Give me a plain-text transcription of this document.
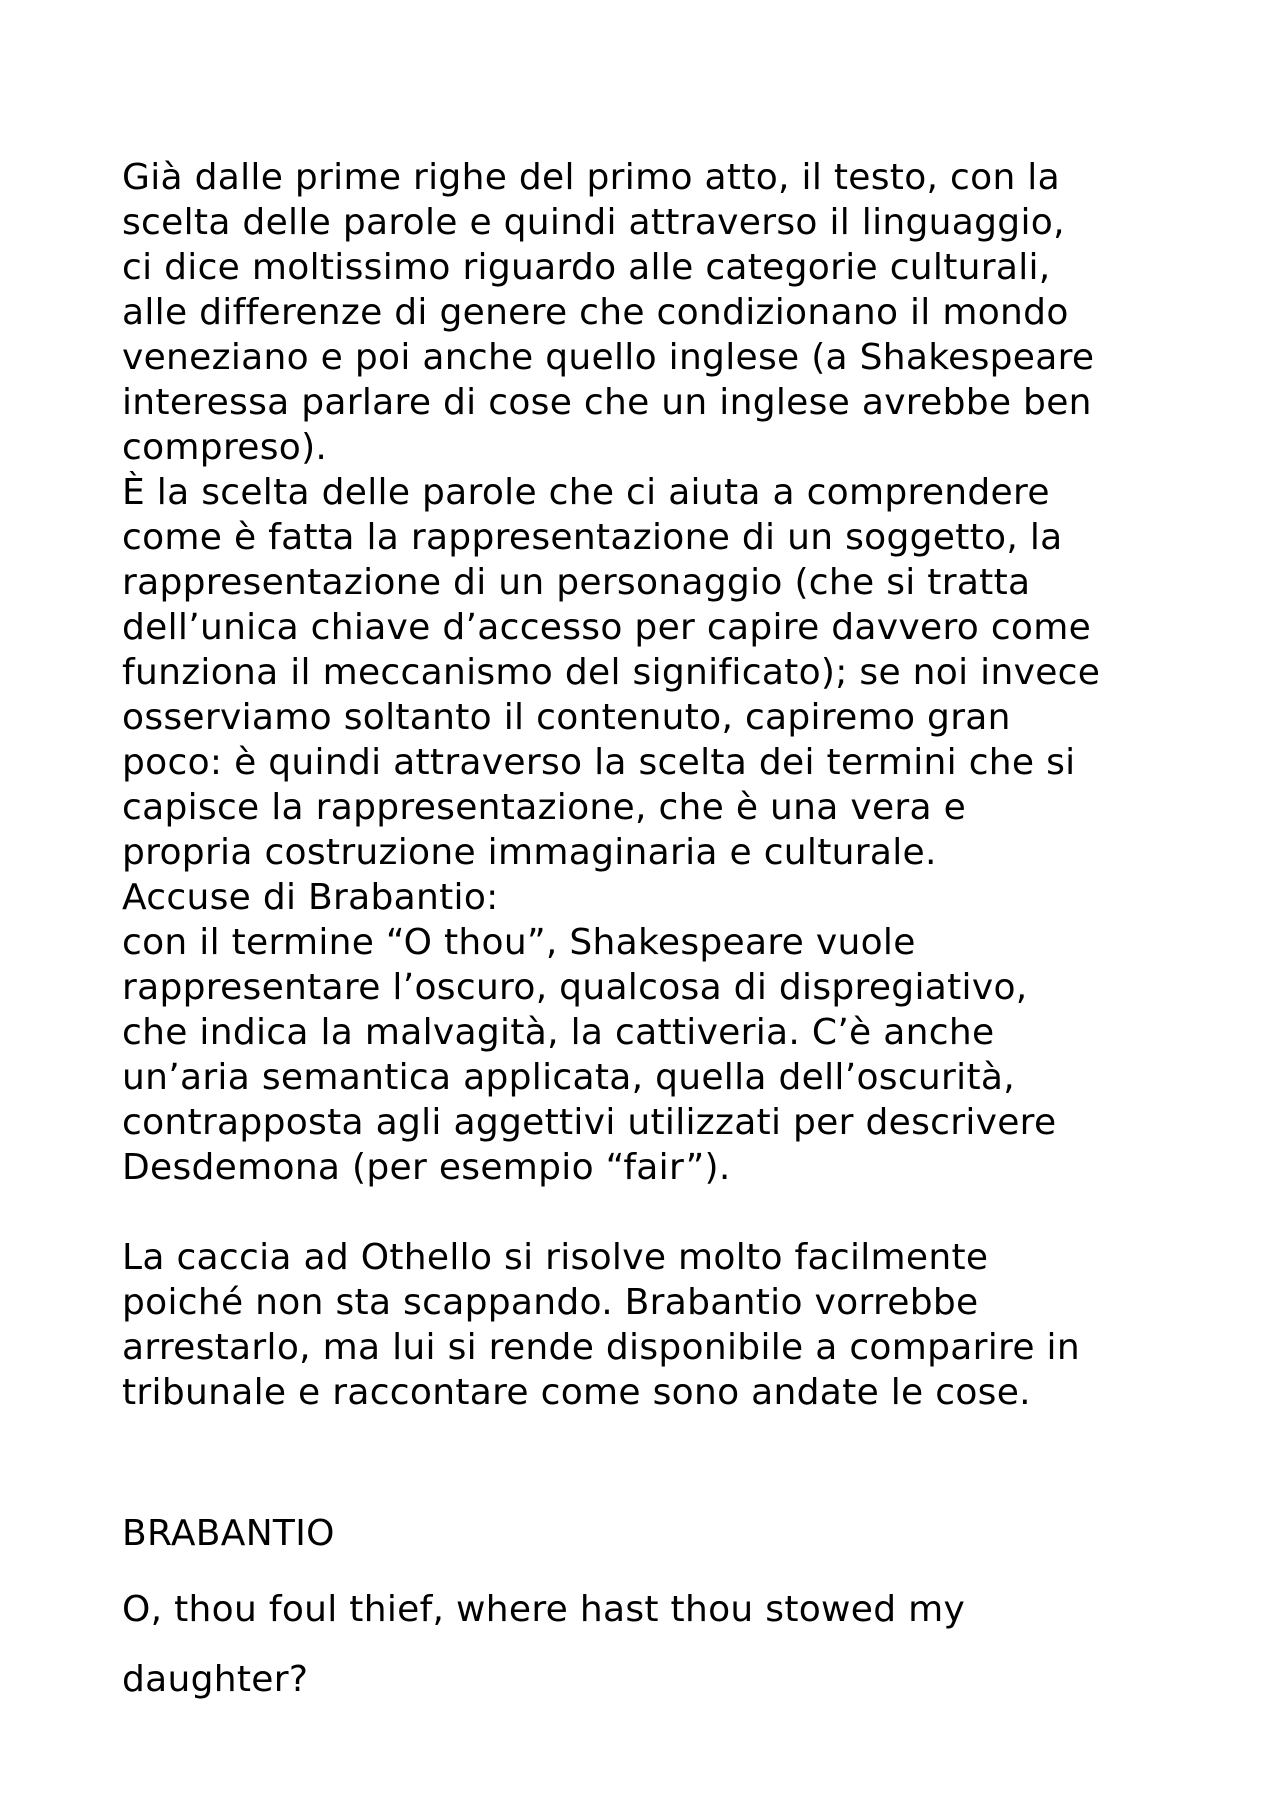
Già dalle prime righe del primo atto, il testo, con la
scelta delle parole e quindi attraverso il linguaggio,
ci dice moltissimo riguardo alle categorie culturali,
alle differenze di genere che condizionano il mondo
veneziano e poi anche quello inglese (a Shakespeare
interessa parlare di cose che un inglese avrebbe ben
compreso).
È la scelta delle parole che ci aiuta a comprendere
come è fatta la rappresentazione di un soggetto, la
rappresentazione di un personaggio (che si tratta
dell’unica chiave d’accesso per capire davvero come
funziona il meccanismo del significato); se noi invece
osserviamo soltanto il contenuto, capiremo gran
poco: è quindi attraverso la scelta dei termini che si
capisce la rappresentazione, che è una vera e
propria costruzione immaginaria e culturale.
Accuse di Brabantio:
con il termine “O thou”, Shakespeare vuole
rappresentare l’oscuro, qualcosa di dispregiativo,
che indica la malvagità, la cattiveria. C’è anche
un’aria semantica applicata, quella dell’oscurità,
contrapposta agli aggettivi utilizzati per descrivere
Desdemona (per esempio “fair”).
La caccia ad Othello si risolve molto facilmente
poiché non sta scappando. Brabantio vorrebbe
arrestarlo, ma lui si rende disponibile a comparire in
tribunale e raccontare come sono andate le cose.
BRABANTIO
O, thou foul thief, where hast thou stowed my
daughter?
